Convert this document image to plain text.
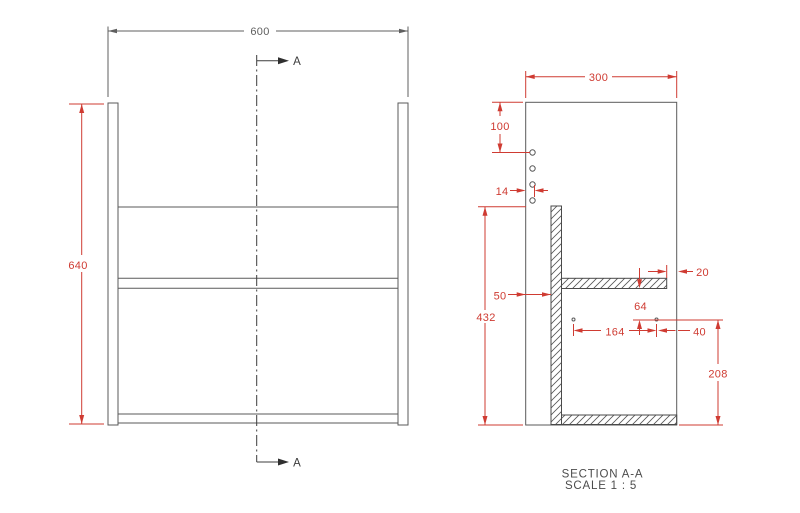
A
A
600
640
300
100
14
432
50
20
64
164	40
208
SECTION A-A
SCALE 1 : 5
